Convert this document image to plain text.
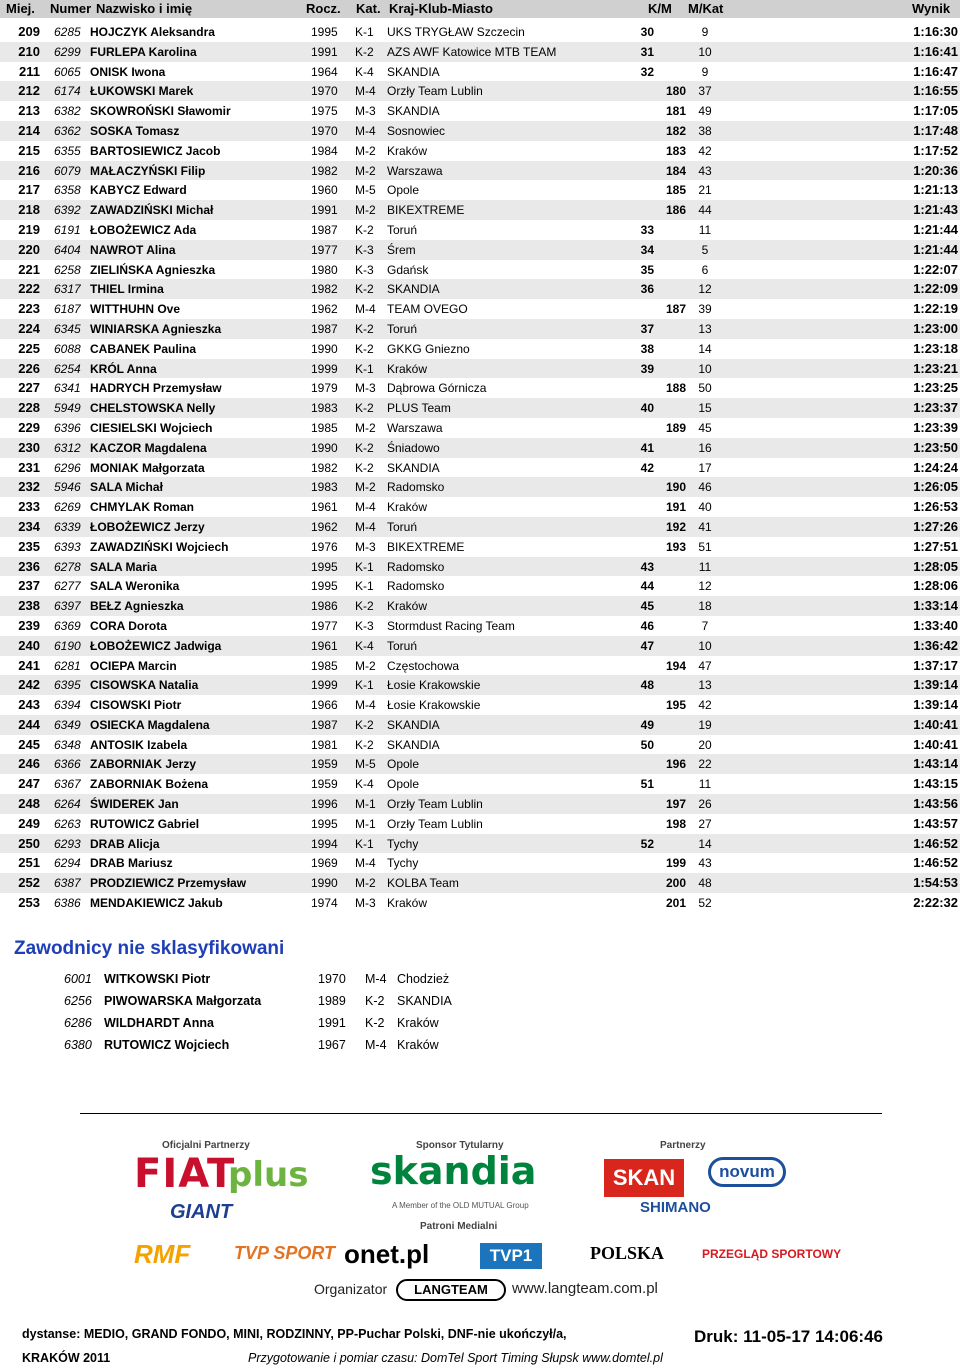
Miej. Numer Nazwisko i imię	Rocz. Kat. Kraj-Klub-Miasto	K/M M/Kat	Wynik
209 6285 HOJCZYK Aleksandra	1995 K-1 UKS TRYGŁAW Szczecin	30	9	1:16:30
210 6299 FURLEPA Karolina	1991 K-2 AZS AWF Katowice MTB TEAM	31	10	1:16:41
211 6065 ONISK Iwona	1964 K-4 SKANDIA	32	9	1:16:47
212 6174 ŁUKOWSKI Marek	1970 M-4 Orzły Team Lublin	180	37	1:16:55
213 6382 SKOWROŃSKI Sławomir	1975 M-3 SKANDIA	181	49	1:17:05
214 6362 SOSKA Tomasz	1970 M-4 Sosnowiec	182	38	1:17:48
215 6355 BARTOSIEWICZ Jacob	1984 M-2 Kraków	183	42	1:17:52
216 6079 MAŁACZYŃSKI Filip	1982 M-2 Warszawa	184	43	1:20:36
217 6358 KABYCZ Edward	1960 M-5 Opole	185	21	1:21:13
218 6392 ZAWADZIŃSKI Michał	1991 M-2 BIKEXTREME	186	44	1:21:43
219 6191 ŁOBOŻEWICZ Ada	1987 K-2 Toruń	33	11	1:21:44
220 6404 NAWROT Alina	1977 K-3 Śrem	34	5	1:21:44
221 6258 ZIELIŃSKA Agnieszka	1980 K-3 Gdańsk	35	6	1:22:07
222 6317 THIEL Irmina	1982 K-2 SKANDIA	36	12	1:22:09
223 6187 WITTHUHN Ove	1962 M-4 TEAM OVEGO	187	39	1:22:19
224 6345 WINIARSKA Agnieszka	1987 K-2 Toruń	37	13	1:23:00
225 6088 CABANEK Paulina	1990 K-2 GKKG Gniezno	38	14	1:23:18
226 6254 KRÓL Anna	1999 K-1 Kraków	39	10	1:23:21
227 6341 HADRYCH Przemysław	1979 M-3 Dąbrowa Górnicza	188	50	1:23:25
228 5949 CHELSTOWSKA Nelly	1983 K-2 PLUS Team	40	15	1:23:37
229 6396 CIESIELSKI Wojciech	1985 M-2 Warszawa	189	45	1:23:39
230 6312 KACZOR Magdalena	1990 K-2 Śniadowo	41	16	1:23:50
231 6296 MONIAK Małgorzata	1982 K-2 SKANDIA	42	17	1:24:24
232 5946 SALA Michał	1983 M-2 Radomsko	190	46	1:26:05
233 6269 CHMYLAK Roman	1961 M-4 Kraków	191	40	1:26:53
234 6339 ŁOBOŻEWICZ Jerzy	1962 M-4 Toruń	192	41	1:27:26
235 6393 ZAWADZIŃSKI Wojciech	1976 M-3 BIKEXTREME	193	51	1:27:51
236 6278 SALA Maria	1995 K-1 Radomsko	43	11	1:28:05
237 6277 SALA Weronika	1995 K-1 Radomsko	44	12	1:28:06
238 6397 BEŁZ Agnieszka	1986 K-2 Kraków	45	18	1:33:14
239 6369 CORA Dorota	1977 K-3 Stormdust Racing Team	46	7	1:33:40
240 6190 ŁOBOŻEWICZ Jadwiga	1961 K-4 Toruń	47	10	1:36:42
241 6281 OCIEPA Marcin	1985 M-2 Częstochowa	194	47	1:37:17
242 6395 CISOWSKA Natalia	1999 K-1 Łosie Krakowskie	48	13	1:39:14
243 6394 CISOWSKI Piotr	1966 M-4 Łosie Krakowskie	195	42	1:39:14
244 6349 OSIECKA Magdalena	1987 K-2 SKANDIA	49	19	1:40:41
245 6348 ANTOSIK Izabela	1981 K-2 SKANDIA	50	20	1:40:41
246 6366 ZABORNIAK Jerzy	1959 M-5 Opole	196	22	1:43:14
247 6367 ZABORNIAK Bożena	1959 K-4 Opole	51	11	1:43:15
248 6264 ŚWIDEREK Jan	1996 M-1 Orzły Team Lublin	197	26	1:43:56
249 6263 RUTOWICZ Gabriel	1995 M-1 Orzły Team Lublin	198	27	1:43:57
250 6293 DRAB Alicja	1994 K-1 Tychy	52	14	1:46:52
251 6294 DRAB Mariusz	1969 M-4 Tychy	199	43	1:46:52
252 6387 PRODZIEWICZ Przemysław	1990 M-2 KOLBA Team	200	48	1:54:53
253 6386 MENDAKIEWICZ Jakub	1974 M-3 Kraków	201	52	2:22:32
Zawodnicy nie sklasyfikowani
6001 WITKOWSKI Piotr	1970 M-4 Chodzież
6256 PIWOWARSKA Małgorzata	1989 K-2 SKANDIA
6286 WILDHARDT Anna	1991 K-2 Kraków
6380 RUTOWICZ Wojciech	1967 M-4 Kraków
Oficjalni Partnerzy	Sponsor Tytularny	Partnerzy
FIAT
plus skandia	SKAN	novum
GIANT	A Member of the OLD MUTUAL Group	SHIMANO
Patroni Medialni
RMF TVP SPORT onet.pl	TVP1	POLSKA	PRZEGLĄD SPORTOWY
Organizator	LANGTEAM	www.langteam.com.pl
dystanse: MEDIO, GRAND FONDO, MINI, RODZINNY, PP-Puchar Polski, DNF-nie ukończył/a,
KRAKÓW 2011	Przygotowanie i pomiar czasu: DomTel Sport Timing Słupsk www.domtel.pl
Druk: 11-05-17 14:06:46
